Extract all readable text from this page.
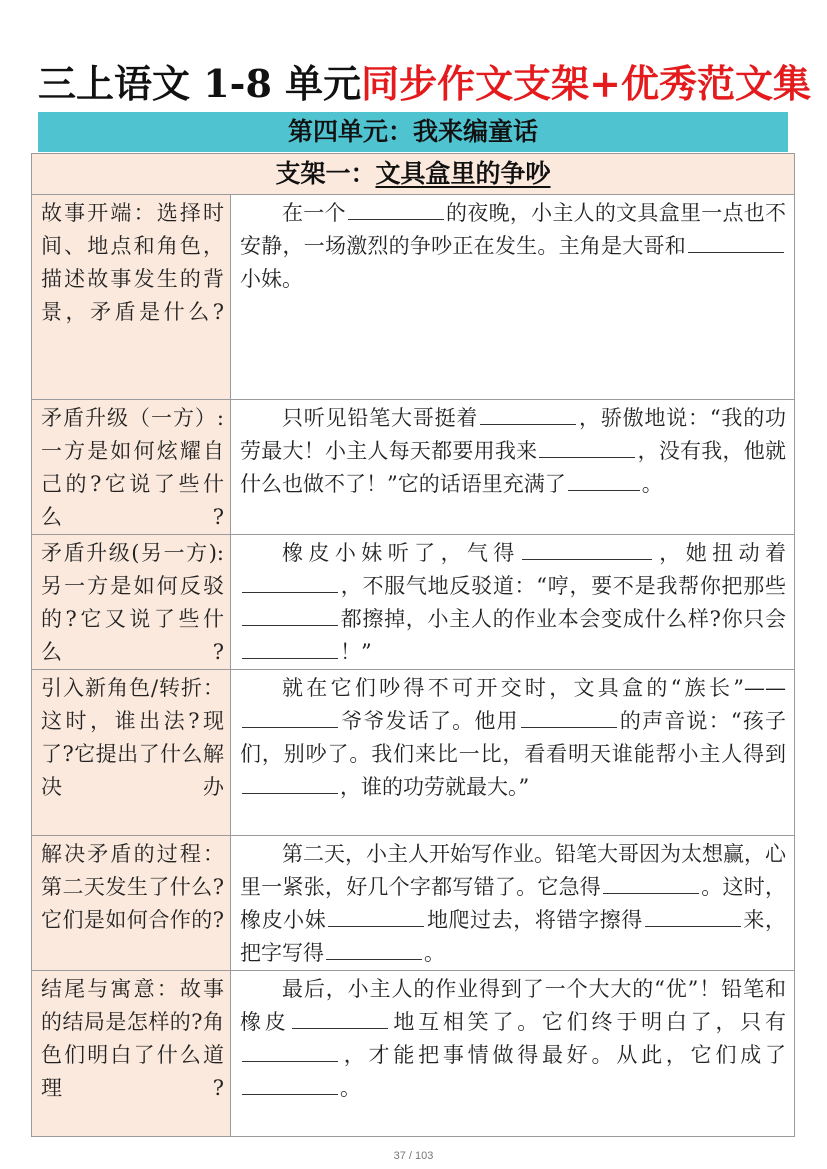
三上语文 1-8 单元同步作文支架+优秀范文集
第四单元：我来编童话
支架一：文具盒里的争吵	
故事开端：选择时间、地点和角色，描述故事发生的背景，矛盾是什么?	在一个 的夜晚，小主人的文具盒里一点也不安静，一场激烈的争吵正在发生。主角是大哥和小妹。

矛盾升级（一方）:一方是如何炫耀自己的?它说了些什么?	只听见铅笔大哥挺着 ，骄傲地说：“我的功劳最大！小主人每天都要用我来 ，没有我，他就什么也做不了！”它的话语里充满了 。

矛盾升级(另一方):另一方是如何反驳的?它又说了些什么?	橡皮小妹听了，气得 ，她扭动着，不服气地反驳道：“哼，要不是我帮你把那些都擦掉，小主人的作业本会变成什么样?你只会！”

引入新角色/转折：这时，谁出法?现了?它提出了什么解决办	就在它们吵得不可开交时，文具盒的“族长”——爷爷发话了。他用 的声音说：“孩子们，别吵了。我们来比一比，看看明天谁能帮小主人得到，谁的功劳就最大。”

解决矛盾的过程：第二天发生了什么?它们是如何合作的?	第二天，小主人开始写作业。铅笔大哥因为太想赢，心里一紧张，好几个字都写错了。它急得 。这时，橡皮小妹 地爬过去，将错字擦得 来，把字写得 。

结尾与寓意：故事的结局是怎样的?角色们明白了什么道理?	最后，小主人的作业得到了一个大大的“优”！铅笔和橡皮 地互相笑了。它们终于明白了，只有，才能把事情做得最好。从此，它们成了。
37 / 103
